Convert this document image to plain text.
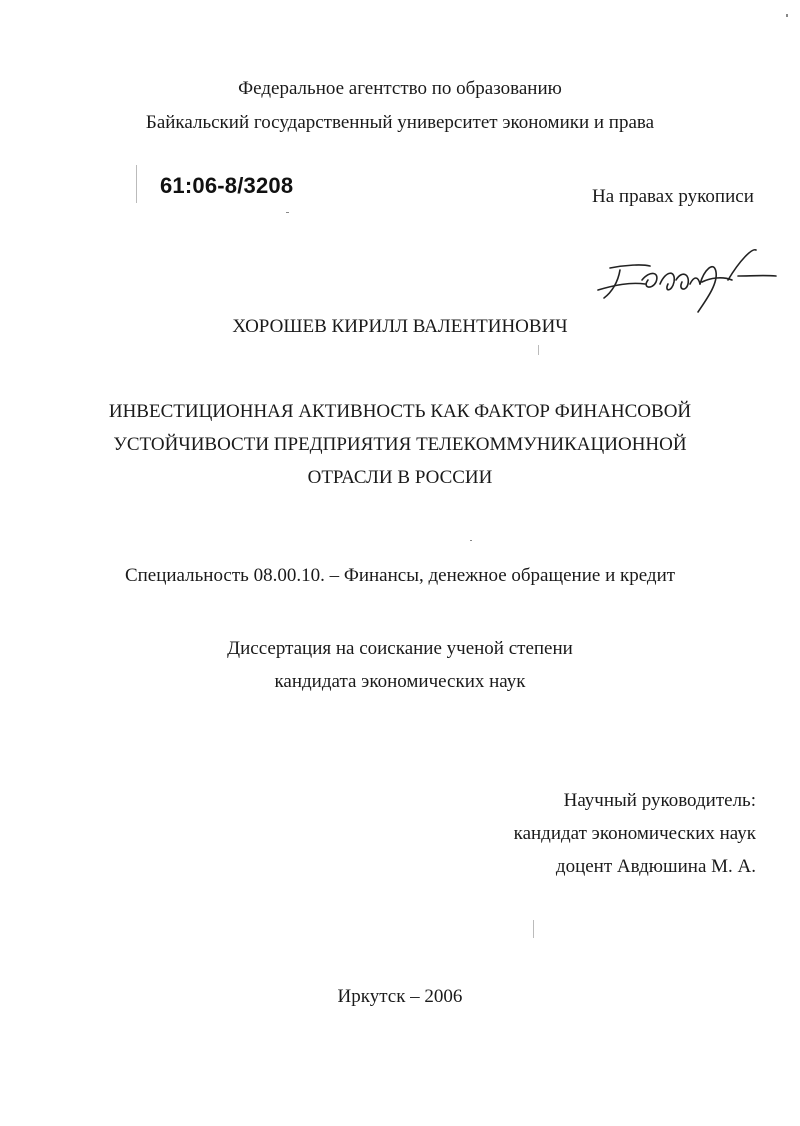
Федеральное агентство по образованию
Байкальский государственный университет экономики и права
61:06-8/3208	На правах рукописи
ХОРОШЕВ КИРИЛЛ ВАЛЕНТИНОВИЧ
ИНВЕСТИЦИОННАЯ АКТИВНОСТЬ КАК ФАКТОР ФИНАНСОВОЙ
УСТОЙЧИВОСТИ ПРЕДПРИЯТИЯ ТЕЛЕКОММУНИКАЦИОННОЙ
ОТРАСЛИ В РОССИИ
Специальность 08.00.10. – Финансы, денежное обращение и кредит
Диссертация на соискание ученой степени
кандидата экономических наук
Научный руководитель:
кандидат экономических наук
доцент Авдюшина М. А.
Иркутск – 2006
